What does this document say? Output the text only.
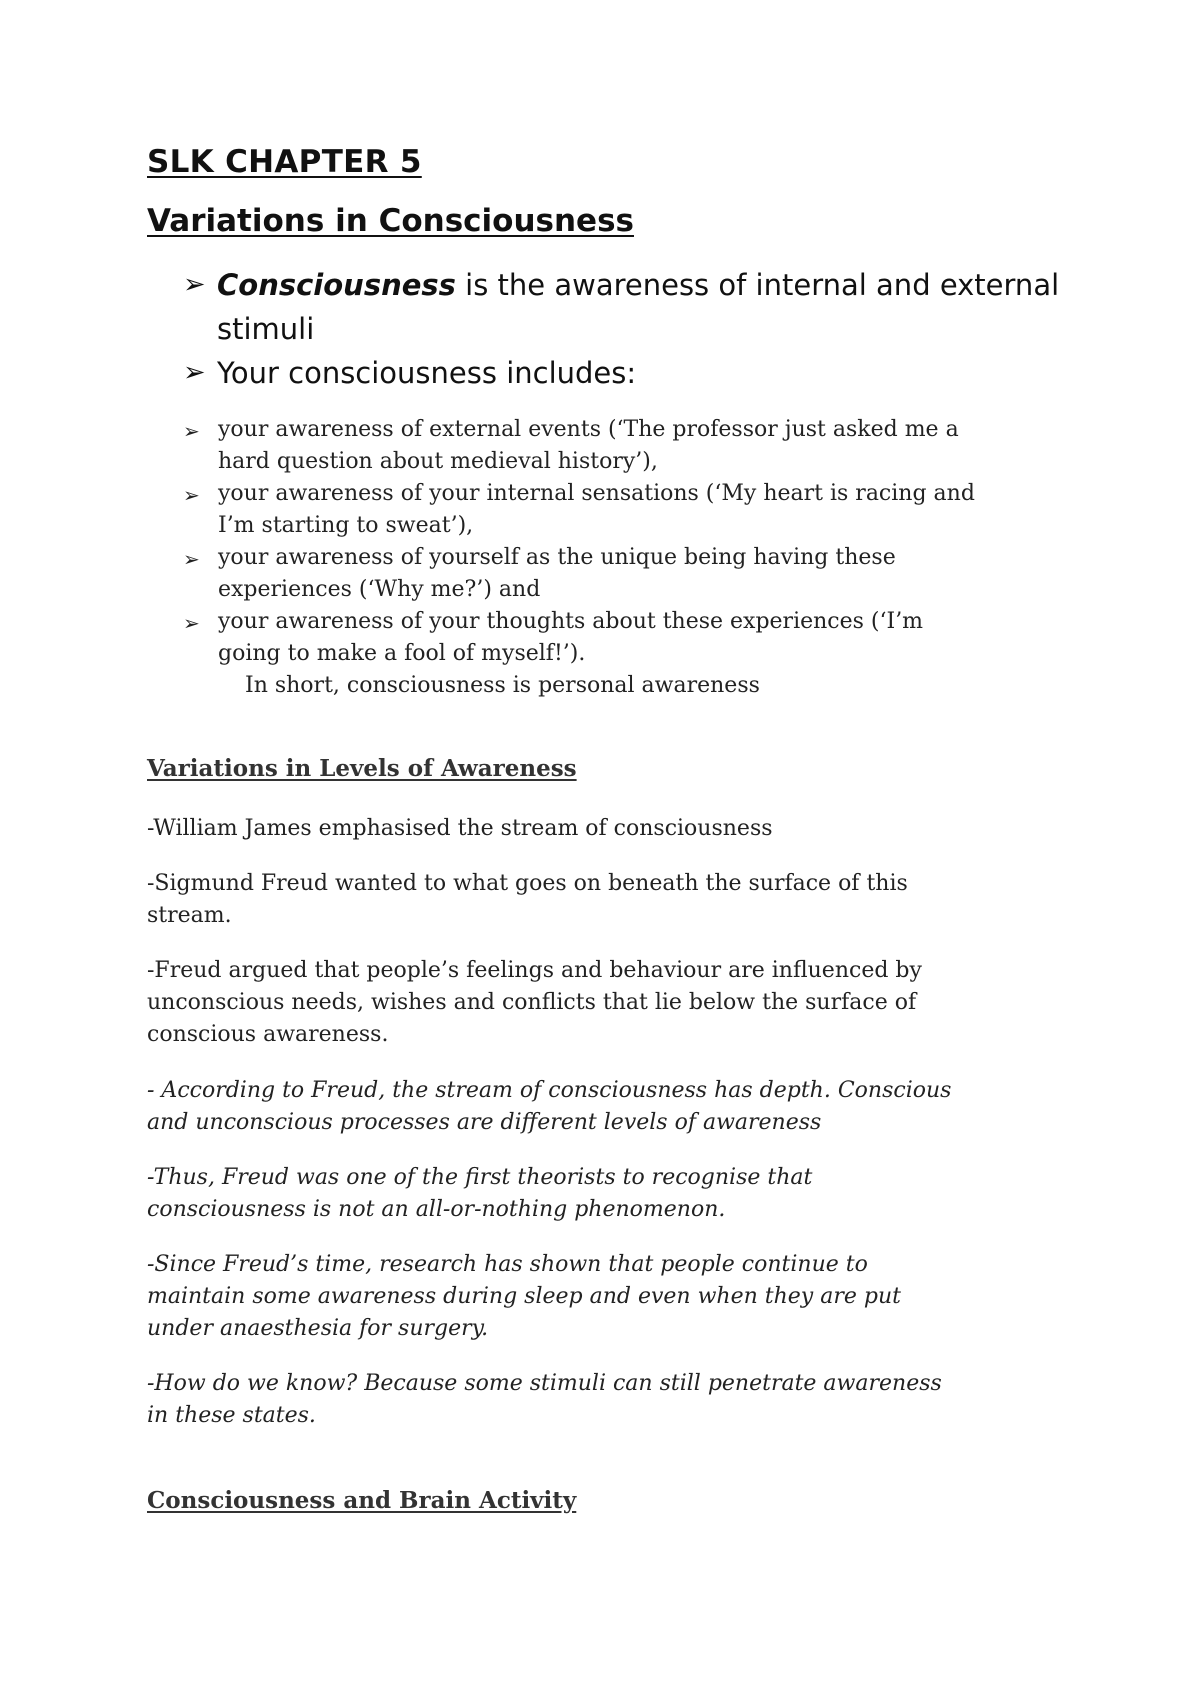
SLK CHAPTER 5
Variations in Consciousness
➢ Consciousness is the awareness of internal and external stimuli
➢ Your consciousness includes:
➢ your awareness of external events (‘The professor just asked me a hard question about medieval history’),
➢ your awareness of your internal sensations (‘My heart is racing and I’m starting to sweat’),
➢ your awareness of yourself as the unique being having these experiences (‘Why me?’) and
➢ your awareness of your thoughts about these experiences (‘I’m going to make a fool of myself!’).

In short, consciousness is personal awareness

Variations in Levels of Awareness

-William James emphasised the stream of consciousness

-Sigmund Freud wanted to what goes on beneath the surface of this stream.

-Freud argued that people’s feelings and behaviour are influenced by unconscious needs, wishes and conflicts that lie below the surface of conscious awareness.

- According to Freud, the stream of consciousness has depth. Conscious and unconscious processes are different levels of awareness

-Thus, Freud was one of the first theorists to recognise that consciousness is not an all-or-nothing phenomenon.

-Since Freud’s time, research has shown that people continue to maintain some awareness during sleep and even when they are put under anaesthesia for surgery.

-How do we know? Because some stimuli can still penetrate awareness in these states.

Consciousness and Brain Activity
